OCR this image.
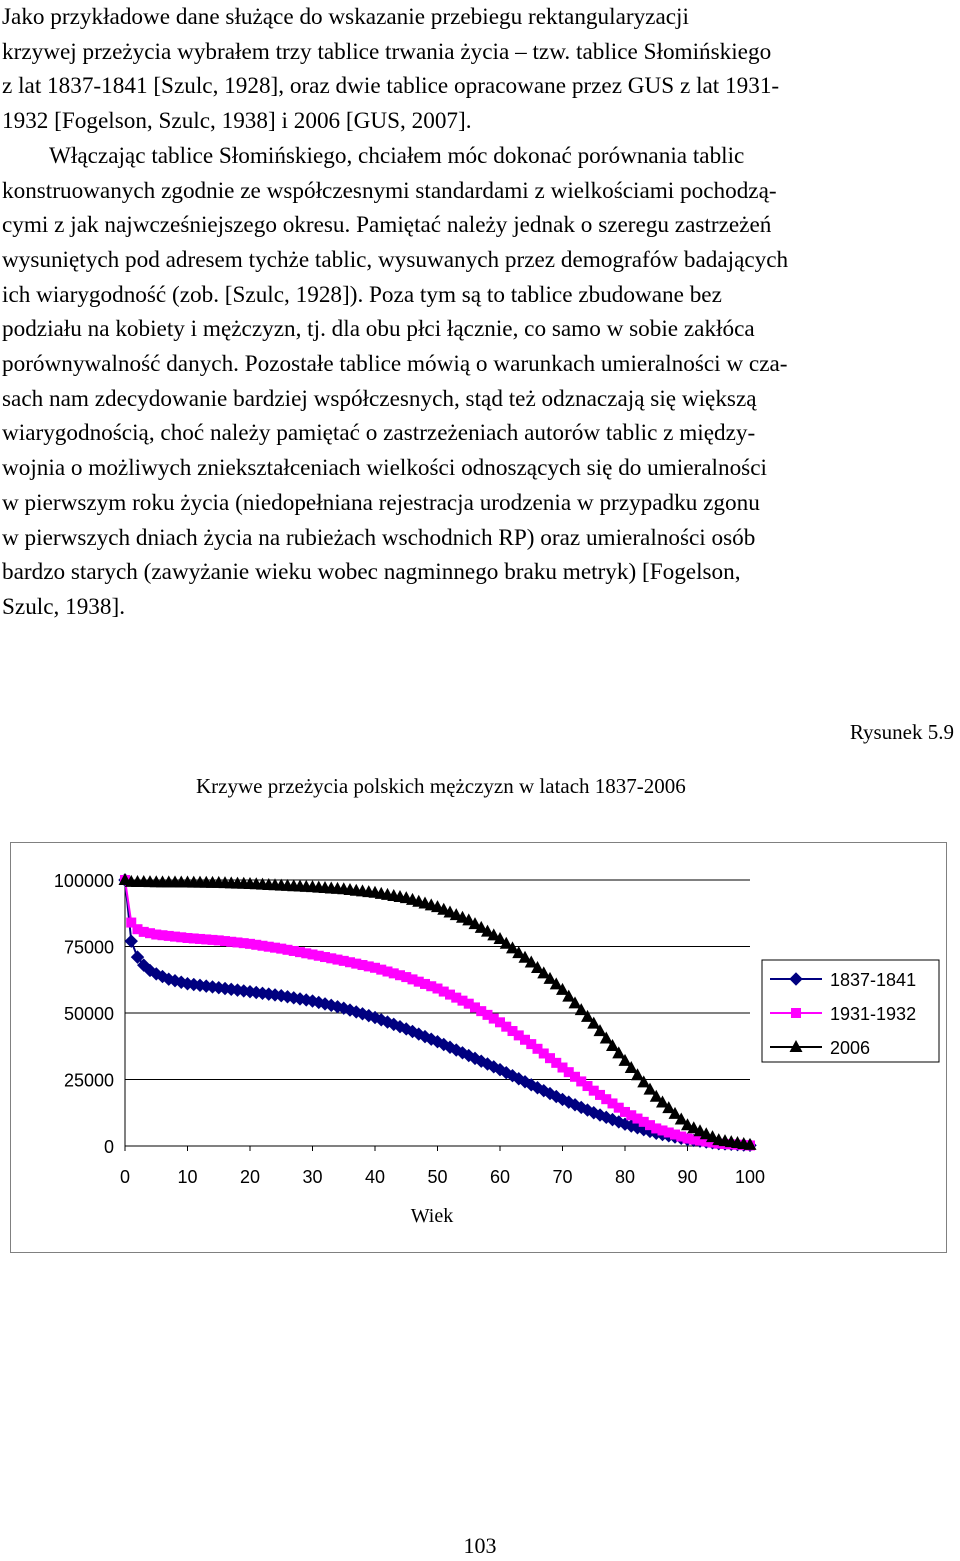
Jako przykładowe dane służące do wskazanie przebiegu rektangularyzacji
krzywej przeżycia wybrałem trzy tablice trwania życia – tzw. tablice Słomińskiego
z lat 1837-1841 [Szulc, 1928], oraz dwie tablice opracowane przez GUS z lat 1931-
1932 [Fogelson, Szulc, 1938] i 2006 [GUS, 2007].
Włączając tablice Słomińskiego, chciałem móc dokonać porównania tablic
konstruowanych zgodnie ze współczesnymi standardami z wielkościami pochodzą-
cymi z jak najwcześniejszego okresu. Pamiętać należy jednak o szeregu zastrzeżeń
wysuniętych pod adresem tychże tablic, wysuwanych przez demografów badających
ich wiarygodność (zob. [Szulc, 1928]). Poza tym są to tablice zbudowane bez
podziału na kobiety i mężczyzn, tj. dla obu płci łącznie, co samo w sobie zakłóca
porównywalność danych. Pozostałe tablice mówią o warunkach umieralności w cza-
sach nam zdecydowanie bardziej współczesnych, stąd też odznaczają się większą
wiarygodnością, choć należy pamiętać o zastrzeżeniach autorów tablic z między-
wojnia o możliwych zniekształceniach wielkości odnoszących się do umieralności
w pierwszym roku życia (niedopełniana rejestracja urodzenia w przypadku zgonu
w pierwszych dniach życia na rubieżach wschodnich RP) oraz umieralności osób
bardzo starych (zawyżanie wieku wobec nagminnego braku metryk) [Fogelson,
Szulc, 1938].
Rysunek 5.9
Krzywe przeżycia polskich mężczyzn w latach 1837-2006
100000
75000
50000
25000
0
0	10 20 30 40 50 60 70 80 90 100
Wiek
1837-1841
1931-1932
2006
103
